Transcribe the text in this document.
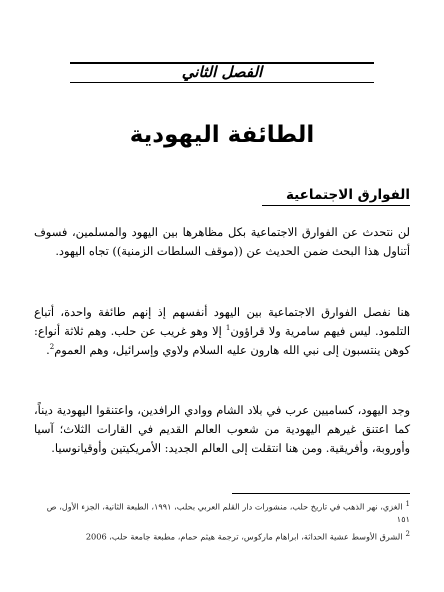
الفصل الثاني
الطائفة اليهودية
الفوارق الاجتماعية

لن نتحدث عن الفوارق الاجتماعية بكل مظاهرها بين اليهود والمسلمين، فسوف أتناول هذا البحث ضمن الحديث عن ((موقف السلطات الزمنية)) تجاه اليهود.

هنا نفصل الفوارق الاجتماعية بين اليهود أنفسهم إذ إنهم طائفة واحدة، أتباع التلمود. ليس فيهم سامرية ولا قراؤون$^1$ إلا وهو غريب عن حلب. وهم ثلاثة أنواع: كوهن ينتسبون إلى نبي الله هارون عليه السلام ولاوي وإسرائيل، وهم العموم$^2$.

وجد اليهود، كساميين عرب في بلاد الشام ووادي الرافدين، واعتنقوا اليهودية ديناً، كما اعتنق غيرهم اليهودية من شعوب العالم القديم في القارات الثلاث؛ آسيا وأوروبة، وأفريقية. ومن هنا انتقلت إلى العالم الجديد: الأمريكيتين وأوقيانوسيا.

1الغزي، نهر الذهب في تاريخ حلب، منشورات دار القلم العربي بحلب، ١٩٩١، الطبعة الثانية، الجزء الأول، ص ١٥١
2الشرق الأوسط عشية الحداثة، ابراهام ماركوس، ترجمة هيثم حمام، مطبعة جامعة حلب، 2006
